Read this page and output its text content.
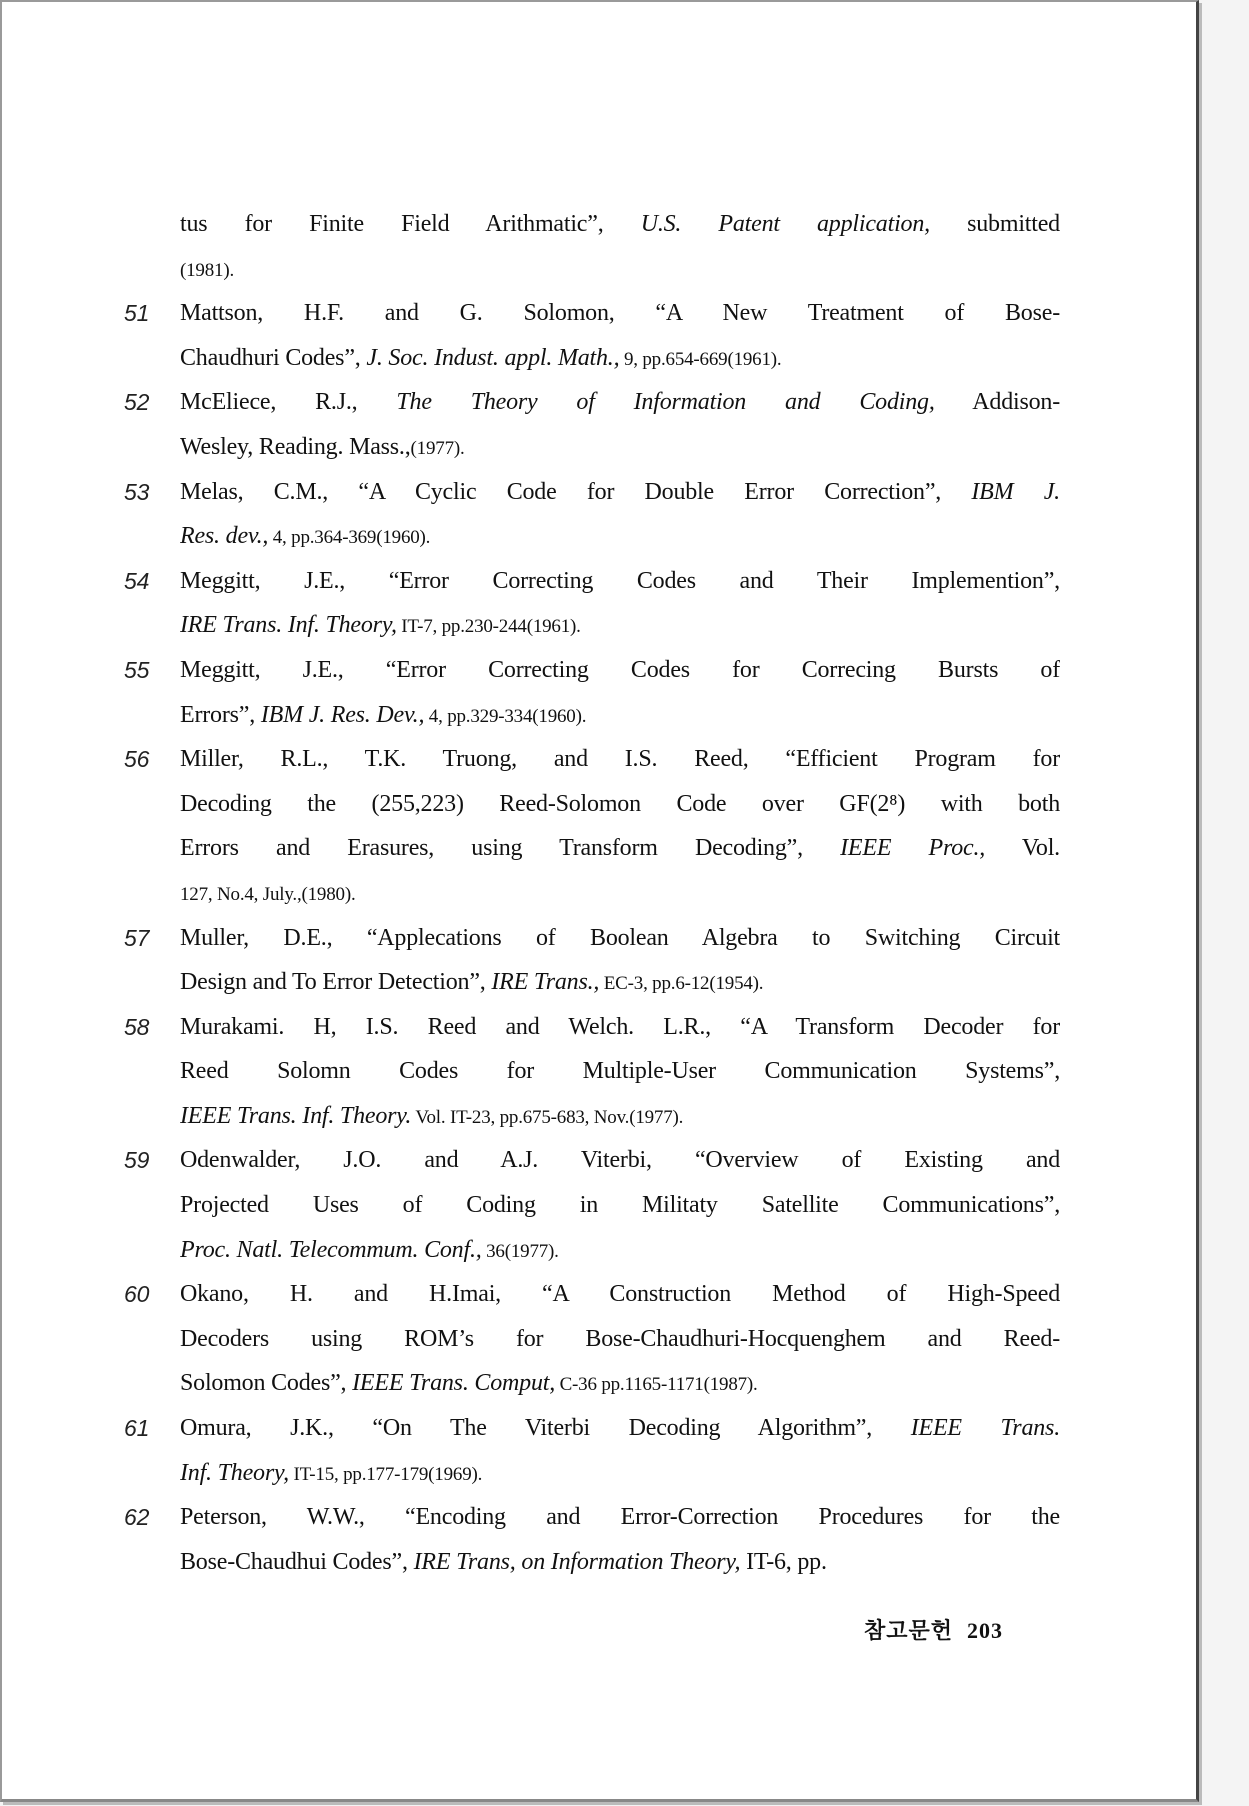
tus for Finite Field Arithmatic”, U.S. Patent application, submitted
(1981).
51 Mattson, H.F. and G. Solomon, “A New Treatment of Bose-
Chaudhuri Codes”, J. Soc. Indust. appl. Math., 9, pp.654-669(1961).
52 McEliece, R.J., The Theory of Information and Coding, Addison-
Wesley, Reading. Mass.,(1977).
53 Melas, C.M., “A Cyclic Code for Double Error Correction”, IBM J.
Res. dev., 4, pp.364-369(1960).
54 Meggitt, J.E., “Error Correcting Codes and Their Implemention”,
IRE Trans. Inf. Theory, IT-7, pp.230-244(1961).
55 Meggitt, J.E., “Error Correcting Codes for Correcing Bursts of
Errors”, IBM J. Res. Dev., 4, pp.329-334(1960).
56 Miller, R.L., T.K. Truong, and I.S. Reed, “Efficient Program for
Decoding the (255,223) Reed-Solomon Code over GF(2⁸) with both
Errors and Erasures, using Transform Decoding”, IEEE Proc., Vol.
127, No.4, July.,(1980).
57 Muller, D.E., “Applecations of Boolean Algebra to Switching Circuit
Design and To Error Detection”, IRE Trans., EC-3, pp.6-12(1954).
58 Murakami. H, I.S. Reed and Welch. L.R., “A Transform Decoder for
Reed Solomn Codes for Multiple-User Communication Systems”,
IEEE Trans. Inf. Theory. Vol. IT-23, pp.675-683, Nov.(1977).
59 Odenwalder, J.O. and A.J. Viterbi, “Overview of Existing and
Projected Uses of Coding in Militaty Satellite Communications”,
Proc. Natl. Telecommum. Conf., 36(1977).
60 Okano, H. and H.Imai, “A Construction Method of High-Speed
Decoders using ROM’s for Bose-Chaudhuri-Hocquenghem and Reed-
Solomon Codes”, IEEE Trans. Comput, C-36 pp.1165-1171(1987).
61 Omura, J.K., “On The Viterbi Decoding Algorithm”, IEEE Trans.
Inf. Theory, IT-15, pp.177-179(1969).
62 Peterson, W.W., “Encoding and Error-Correction Procedures for the
Bose-Chaudhui Codes”, IRE Trans, on Information Theory, IT-6, pp.
참고문헌 203
